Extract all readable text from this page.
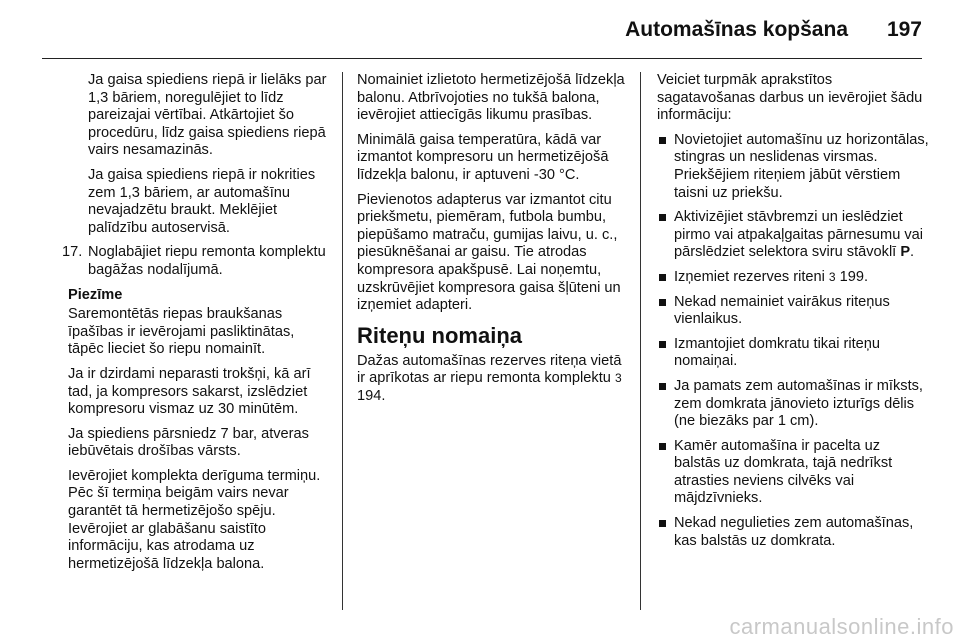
Automašīnas kopšana 197

Ja gaisa spiediens riepā ir lielāks par 1,3 bāriem, noregulējiet to līdz pareizajai vērtībai. Atkārtojiet šo procedūru, līdz gaisa spiediens riepā vairs nesamazinās.

Ja gaisa spiediens riepā ir nokrities zem 1,3 bāriem, ar automašīnu nevajadzētu braukt. Meklējiet palīdzību autoservisā.

17. Noglabājiet riepu remonta komplektu bagāžas nodalījumā.

Piezīme

Saremontētās riepas braukšanas īpašības ir ievērojami pasliktinātas, tāpēc lieciet šo riepu nomainīt.

Ja ir dzirdami neparasti trokšņi, kā arī tad, ja kompresors sakarst, izslēdziet kompresoru vismaz uz 30 minūtēm.

Ja spiediens pārsniedz 7 bar, atveras iebūvētais drošības vārsts.

Ievērojiet komplekta derīguma termiņu. Pēc šī termiņa beigām vairs nevar garantēt tā hermetizējošo spēju. Ievērojiet ar glabāšanu saistīto informāciju, kas atrodama uz hermetizējošā līdzekļa balona.

Nomainiet izlietoto hermetizējošā līdzekļa balonu. Atbrīvojoties no tukšā balona, ievērojiet attiecīgās likumu prasības.

Minimālā gaisa temperatūra, kādā var izmantot kompresoru un hermetizējošā līdzekļa balonu, ir aptuveni -30 °C.

Pievienotos adapterus var izmantot citu priekšmetu, piemēram, futbola bumbu, piepūšamo matraču, gumijas laivu, u. c., piesūknēšanai ar gaisu. Tie atrodas kompresora apakšpusē. Lai noņemtu, uzskrūvējiet kompresora gaisa šļūteni un izņemiet adapteri.

Riteņu nomaiņa

Dažas automašīnas rezerves riteņa vietā ir aprīkotas ar riepu remonta komplektu 3 194.

Veiciet turpmāk aprakstītos sagatavošanas darbus un ievērojiet šādu informāciju:

Novietojiet automašīnu uz horizontālas, stingras un neslidenas virsmas. Priekšējiem riteņiem jābūt vērstiem taisni uz priekšu.
Aktivizējiet stāvbremzi un ieslēdziet pirmo vai atpakaļgaitas pārnesumu vai pārslēdziet selektora sviru stāvoklī P.
Izņemiet rezerves riteni 3 199.
Nekad nemainiet vairākus riteņus vienlaikus.
Izmantojiet domkratu tikai riteņu nomaiņai.
Ja pamats zem automašīnas ir mīksts, zem domkrata jānovieto izturīgs dēlis (ne biezāks par 1 cm).
Kamēr automašīna ir pacelta uz balstās uz domkrata, tajā nedrīkst atrasties neviens cilvēks vai mājdzīvnieks.
Nekad negulieties zem automašīnas, kas balstās uz domkrata.
carmanualsonline.info
